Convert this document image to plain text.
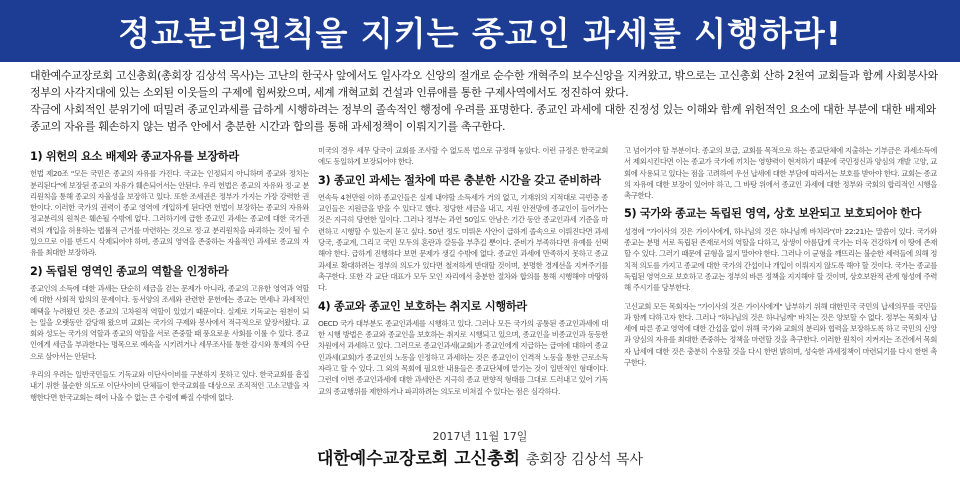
정교분리원칙을 지키는 종교인 과세를 시행하라!

대한예수교장로회 고신총회(총회장 김상석 목사)는 고난의 한국사 앞에서도 일사각오 신앙의 절개로 순수한 개혁주의 보수신앙을 지켜왔고, 밖으로는 고신총회 산하 2천여 교회들과 함께 사회봉사와 정부의 사각지대에 있는 소외된 이웃들의 구제에 힘써왔으며, 세계 개혁교회 건설과 인류애를 통한 구제사역에서도 정진하여 왔다.

작금에 사회적인 분위기에 떠밀려 종교인과세를 급하게 시행하려는 정부의 졸속적인 행정에 우려를 표명한다. 종교인 과세에 대한 진정성 있는 이해와 함께 위헌적인 요소에 대한 부분에 대한 배제와 종교의 자유를 훼손하지 않는 범주 안에서 충분한 시간과 합의를 통해 과세정책이 이뤄지기를 촉구한다.

1) 위헌의 요소 배제와 종교자유를 보장하라

헌법 제20조 "모든 국민은 종교의 자유를 가진다. 국교는 인정되지 아니하며 종교와 정치는 분리된다"에 보장된 종교의 자유가 훼손되어서는 안된다. 우리 헌법은 종교의 자유와 정·교 분리원칙을 통해 종교의 자율성을 보장하고 있다. 또한 조세권은 정부가 가지는 가장 강력한 권한이다. 이러한 국가의 권력이 종교 영역에 개입하게 된다면 헌법이 보장하는 종교의 자유와 정교분리의 원칙은 훼손될 수밖에 없다. 그러하기에 급한 종교인 과세는 종교에 대한 국가권력의 개입을 허용하는 법률적 근거를 마련하는 것으로 정·교 분리원칙을 파괴하는 것이 될 수 있으므로 이를 반드시 삭제되어야 하며, 종교의 영역을 존중하는 자율적인 과세로 종교의 자유를 최대한 보장하라.

2) 독립된 영역인 종교의 역할을 인정하라

종교인의 소득에 대한 과세는 단순히 세금을 걷는 문제가 아니라, 종교의 고유한 영역과 역할에 대한 사회적 합의의 문제이다. 동서양의 조세와 관련한 문헌에는 종교는 면세나 과세적인 혜택을 누려왔던 것은 종교의 고차원적 역할이 있었기 때문이다. 실제로 기독교는 원천이 되는 일을 오랫동안 감당해 왔으며 교회는 국가의 구제와 봉사에서 적극적으로 앞장서왔다. 교회와 성도는 국가의 역할과 종교의 역할을 서로 존중할 때 풍요로운 사회를 이룰 수 있다. 종교인에게 세금을 부과한다는 명목으로 예속을 시키려거나 세무조사를 통한 감시와 통제의 수단으로 삼아서는 안된다.

우리의 우려는 일반국민들도 기독교와 이단사이비를 구분하지 못하고 있다. 한국교회를 흠집 내기 위한 불순한 의도로 이단사이비 단체들이 한국교회를 대상으로 조직적인 고소고발을 자행한다면 한국교회는 헤어 나올 수 없는 큰 수렁에 빠질 수밖에 없다.

미국의 경우 세무 당국이 교회를 조사할 수 없도록 법으로 규정해 놓았다. 이런 규정은 한국교회에도 동일하게 보장되어야 한다.

3) 종교인 과세는 절차에 따른 충분한 시간을 갖고 준비하라

연속득 4천만원 이하 종교인들은 실제 내야할 소득세가 거의 없고, 기재위의 지적대로 극빈층 종교인들은 지원금을 받을 수 있다고 했다. 정당한 세금을 내고, 지원 안전망에 종교인이 들어가는 것은 지극히 당연한 일이다. 그러나 정부는 과연 50일도 안남은 기간 동안 종교인과세 기준을 마련하고 시행할 수 있는지 묻고 싶다. 50년 정도 미뤄온 사안이 급하게 졸속으로 이뤄진다면 과세당국, 종교계, 그리고 국민 모두의 혼란과 갈등을 부추길 뿐이다. 준비가 부족하다면 유예를 선택해야 한다. 급하게 진행하다 보면 문제가 생길 수밖에 없다. 종교인 과세에 만족하지 못하고 종교과세로 확대하려는 정부의 의도가 있다면 철저하게 반대할 것이며, 분명한 경계선을 지켜주기를 촉구한다. 또한 각 교단 대표가 모두 모인 자리에서 충분한 절차와 합의를 통해 시행해야 마땅하다.

4) 종교와 종교인 보호하는 취지로 시행하라

OECD 국가 대부분도 종교인과세를 시행하고 있다. 그러나 모든 국가의 공통된 종교인과세에 대한 시행 방법은 종교와 종교인을 보호하는 취지로 시행되고 있으며, 종교인을 비종교인과 동등한 차원에서 과세하고 있다. 그러므로 종교인과세(교회)가 종교인에게 지급하는 급여에 대하여 종교인과세(교회)가 종교인의 노동을 인정하고 과세하는 것은 종교인이 인격적 노동을 통한 근로소득자라고 할 수 있다. 그 외의 목회에 필요한 내용들은 종교단체에 맡기는 것이 일반적인 형태이다. 그런데 이번 종교인과세에 대한 과세안은 지극히 종교 편향적 형태를 그대로 드러내고 있어 기독교의 종교행위를 제한하거나 파괴하려는 의도로 비쳐질 수 있다는 점은 심각하다.

고 넘어가야 할 부분이다. 종교의 보급, 교회를 목적으로 하는 종교단체에 지출하는 기부금은 과세소득에서 제외시킨다면 이는 종교가 국가에 끼치는 영향력이 현저하기 때문에 국민정신과 양심의 개발 고양, 교회에 사용되고 있다는 점을 고려하여 우선 납세에 대한 부담에 따라서는 보호를 받아야 한다. 교회는 종교의 자유에 대한 보장이 있어야 하고, 그 바탕 위에서 종교인 과세에 대한 정부와 국회의 합리적인 시행을 촉구한다.

5) 국가와 종교는 독립된 영역, 상호 보완되고 보호되어야 한다

성경에 "가이사의 것은 가이사에게, 하나님의 것은 하나님께 바치라"(마 22:21)는 말씀이 있다. 국가와 종교는 분명 서로 독립된 존재로서의 역할을 다하고, 상생이 아름답게 국가는 더욱 건강하게 이 땅에 존재할 수 있다. 그러기 때문에 균형을 잃지 말아야 한다. 그러나 이 균형을 깨뜨리는 불순한 세력들에 의해 정치적 의도를 가지고 종교에 대한 국가의 간섭이나 개입이 이뤄지지 않도록 해야 할 것이다. 국가는 종교를 독립된 영역으로 보호하고 종교는 정부의 바른 정책을 지지해야 할 것이며, 상호보완적 관계 형성에 주력해 주시기를 당부한다.

고신교회 모든 목회자는 "가이사의 것은 가이사에게" 납부하기 위해 대한민국 국민의 납세의무를 국민들과 함께 다하고자 한다. 그러나 "하나님의 것은 하나님께" 바치는 것은 양보할 수 없다. 정부는 목회자 납세에 따른 종교 영역에 대한 간섭을 없이 위해 국가와 교회의 분리와 협력을 보장하도록 하고 국민의 신앙과 양심의 자유를 최대한 존중하는 정책을 마련할 것을 촉구한다. 이러한 원칙이 지켜지는 조건에서 목회자 납세에 대한 것은 충분히 수용할 것을 다시 한번 밝히며, 성숙한 과세정책이 마련되기를 다시 한번 촉구한다.

2017년 11월 17일
대한예수교장로회 고신총회 총회장 김상석 목사
